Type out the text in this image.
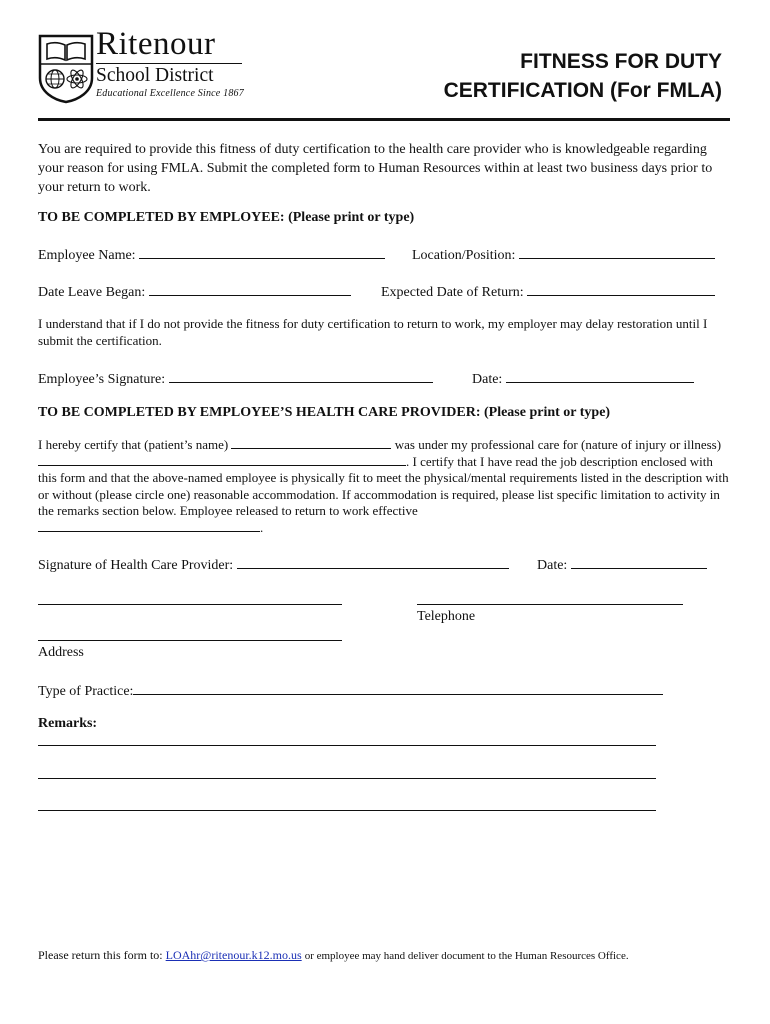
Ritenour
School District
Educational Excellence Since 1867
FITNESS FOR DUTY
CERTIFICATION (For FMLA)
You are required to provide this fitness of duty certification to the health care provider who is knowledgeable regarding your reason for using FMLA. Submit the completed form to Human Resources within at least two business days prior to your return to work.
TO BE COMPLETED BY EMPLOYEE: (Please print or type)
Employee Name:	Location/Position:
Date Leave Began:	Expected Date of Return:
I understand that if I do not provide the fitness for duty certification to return to work, my employer may delay restoration until I submit the certification.
Employee’s Signature:	Date:
TO BE COMPLETED BY EMPLOYEE’S HEALTH CARE PROVIDER: (Please print or type)
I hereby certify that (patient’s name)	was under my professional care for (nature of injury or illness) . I certify that I have read the job description enclosed with this form and that the above-named employee is physically fit to meet the physical/mental requirements listed in the description with or without (please circle one) reasonable accommodation. If accommodation is required, please list specific limitation to activity in the remarks section below. Employee released to return to work effective
.
Signature of Health Care Provider:	Date:
Telephone
Address
Type of Practice:
Remarks:
Please return this form to: LOAhr@ritenour.k12.mo.us or employee may hand deliver document to the Human Resources Office.
